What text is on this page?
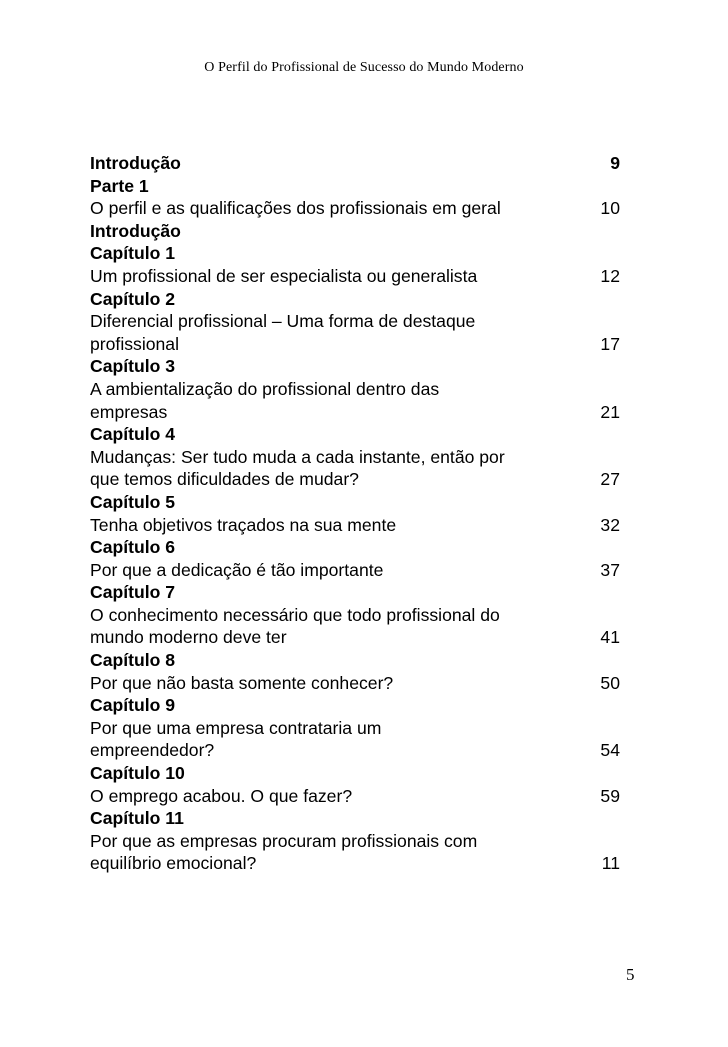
O Perfil do Profissional de Sucesso do Mundo Moderno
Introdução	9
Parte 1
O perfil e as qualificações dos profissionais em geral	10
Introdução
Capítulo 1
Um profissional de ser especialista ou generalista	12
Capítulo 2
Diferencial profissional – Uma forma de destaque
profissional	17
Capítulo 3
A ambientalização do profissional dentro das
empresas	21
Capítulo 4
Mudanças: Ser tudo muda a cada instante, então por
que temos dificuldades de mudar?	27
Capítulo 5
Tenha objetivos traçados na sua mente	32
Capítulo 6
Por que a dedicação é tão importante	37
Capítulo 7
O conhecimento necessário que todo profissional do
mundo moderno deve ter	41
Capítulo 8
Por que não basta somente conhecer?	50
Capítulo 9
Por que uma empresa contrataria um
empreendedor?	54
Capítulo 10
O emprego acabou. O que fazer?	59
Capítulo 11
Por que as empresas procuram profissionais com
equilíbrio emocional?	11
5
